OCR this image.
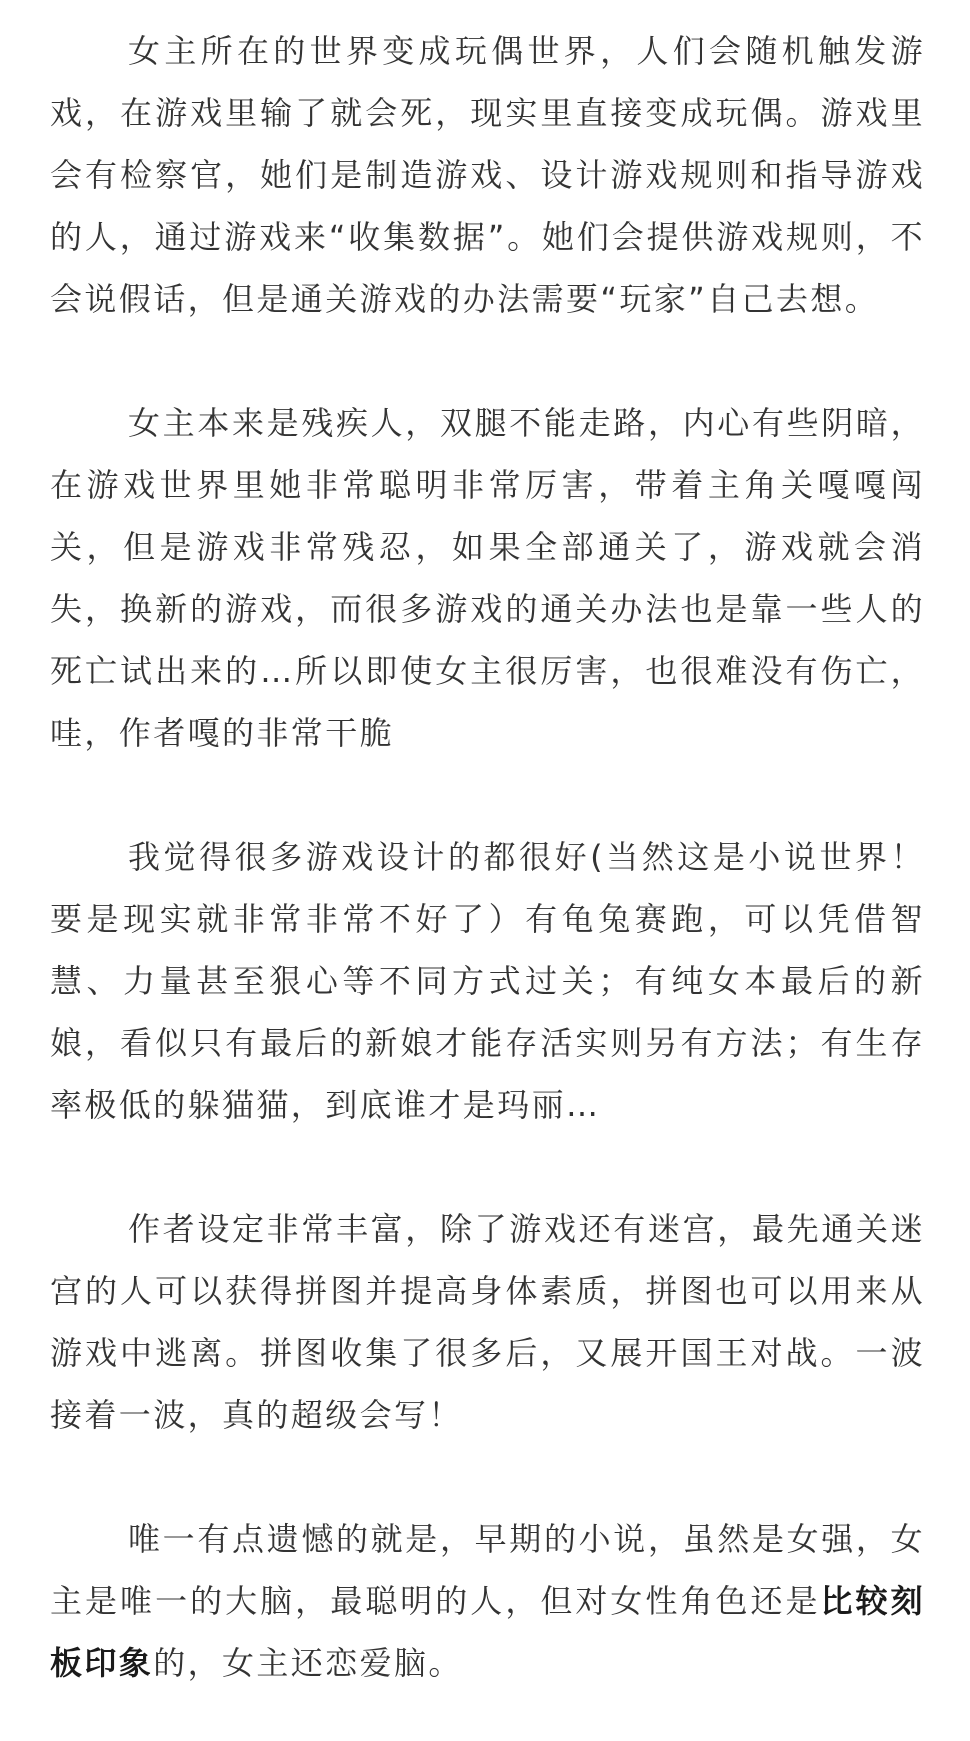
女主所在的世界变成玩偶世界，人们会随机触发游戏，在游戏里输了就会死，现实里直接变成玩偶。游戏里会有检察官，她们是制造游戏、设计游戏规则和指导游戏的人，通过游戏来“收集数据”。她们会提供游戏规则，不会说假话，但是通关游戏的办法需要“玩家”自己去想。

女主本来是残疾人，双腿不能走路，内心有些阴暗，在游戏世界里她非常聪明非常厉害，带着主角关嘎嘎闯关，但是游戏非常残忍，如果全部通关了，游戏就会消失，换新的游戏，而很多游戏的通关办法也是靠一些人的死亡试出来的…所以即使女主很厉害，也很难没有伤亡，哇，作者嘎的非常干脆

我觉得很多游戏设计的都很好(当然这是小说世界！要是现实就非常非常不好了）有龟兔赛跑，可以凭借智慧、力量甚至狠心等不同方式过关；有纯女本最后的新娘，看似只有最后的新娘才能存活实则另有方法；有生存率极低的躲猫猫，到底谁才是玛丽…

作者设定非常丰富，除了游戏还有迷宫，最先通关迷宫的人可以获得拼图并提高身体素质，拼图也可以用来从游戏中逃离。拼图收集了很多后，又展开国王对战。一波接着一波，真的超级会写！

唯一有点遗憾的就是，早期的小说，虽然是女强，女主是唯一的大脑，最聪明的人，但对女性角色还是比较刻板印象的，女主还恋爱脑。
